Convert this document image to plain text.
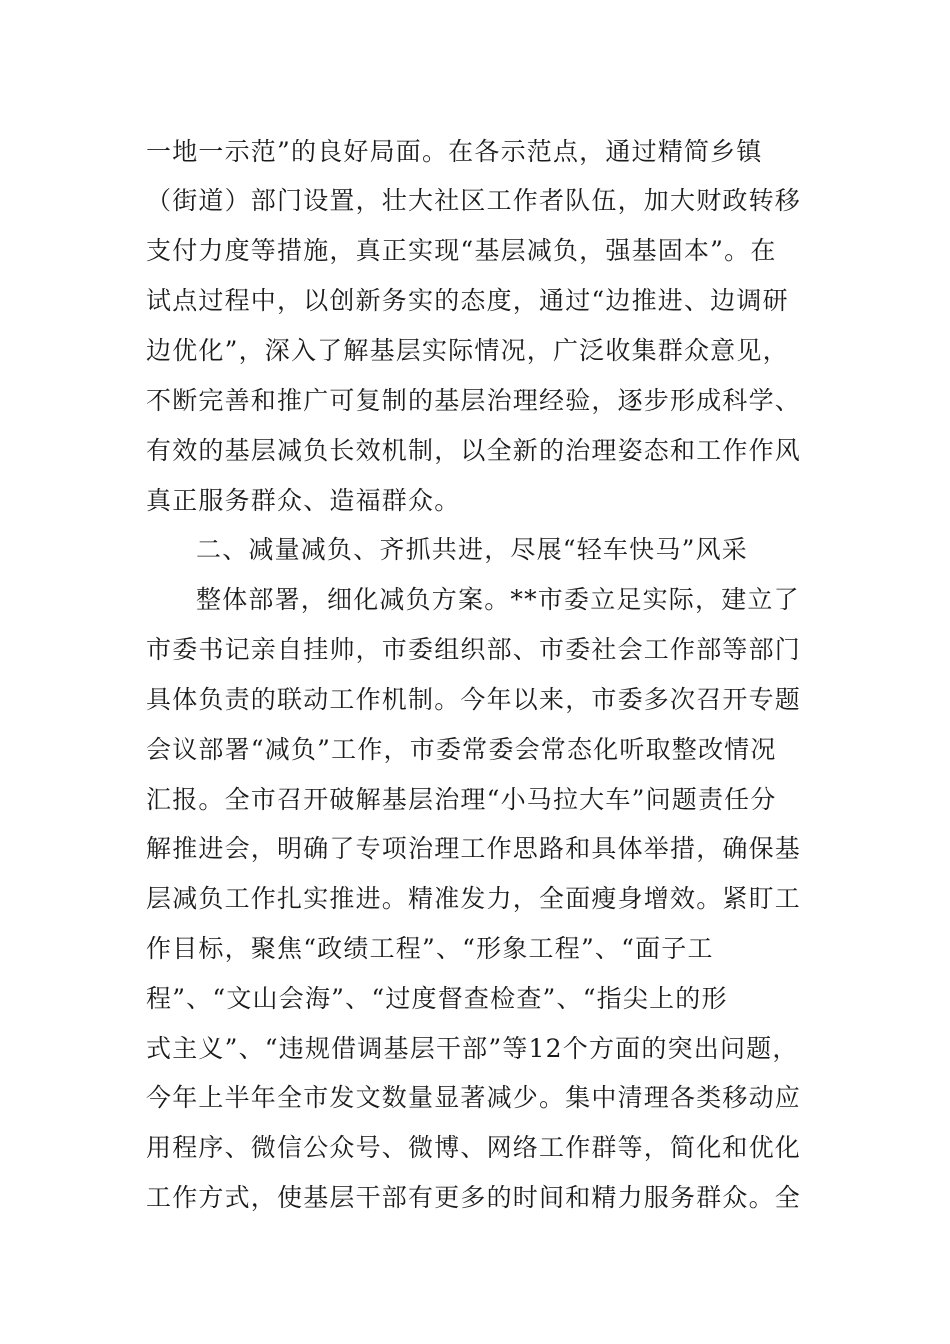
一地一示范”的良好局面。在各示范点，通过精简乡镇
（街道）部门设置，壮大社区工作者队伍，加大财政转移
支付力度等措施，真正实现“基层减负，强基固本”。在
试点过程中，以创新务实的态度，通过“边推进、边调研
边优化”，深入了解基层实际情况，广泛收集群众意见，
不断完善和推广可复制的基层治理经验，逐步形成科学、
有效的基层减负长效机制，以全新的治理姿态和工作作风
真正服务群众、造福群众。
二、减量减负、齐抓共进，尽展“轻车快马”风采
整体部署，细化减负方案。**市委立足实际，建立了
市委书记亲自挂帅，市委组织部、市委社会工作部等部门
具体负责的联动工作机制。今年以来，市委多次召开专题
会议部署“减负”工作，市委常委会常态化听取整改情况
汇报。全市召开破解基层治理“小马拉大车”问题责任分
解推进会，明确了专项治理工作思路和具体举措，确保基
层减负工作扎实推进。精准发力，全面瘦身增效。紧盯工
作目标，聚焦“政绩工程”、“形象工程”、“面子工
程”、“文山会海”、“过度督查检查”、“指尖上的形
式主义”、“违规借调基层干部”等12个方面的突出问题，
今年上半年全市发文数量显著减少。集中清理各类移动应
用程序、微信公众号、微博、网络工作群等，简化和优化
工作方式，使基层干部有更多的时间和精力服务群众。全
